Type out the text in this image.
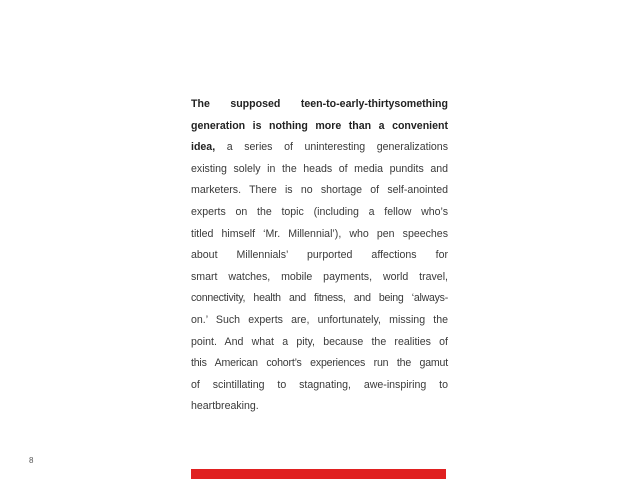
The supposed teen-to-early-thirtysomething
generation is nothing more than a convenient
idea, a series of uninteresting generalizations
existing solely in the heads of media pundits and
marketers. There is no shortage of self-anointed
experts on the topic (including a fellow who’s
titled himself ‘Mr. Millennial’), who pen speeches
about Millennials’ purported affections for
smart watches, mobile payments, world travel,
connectivity, health and fitness, and being ‘always-
on.’ Such experts are, unfortunately, missing the
point. And what a pity, because the realities of
this American cohort’s experiences run the gamut
of scintillating to stagnating, awe-inspiring to
heartbreaking.
8
